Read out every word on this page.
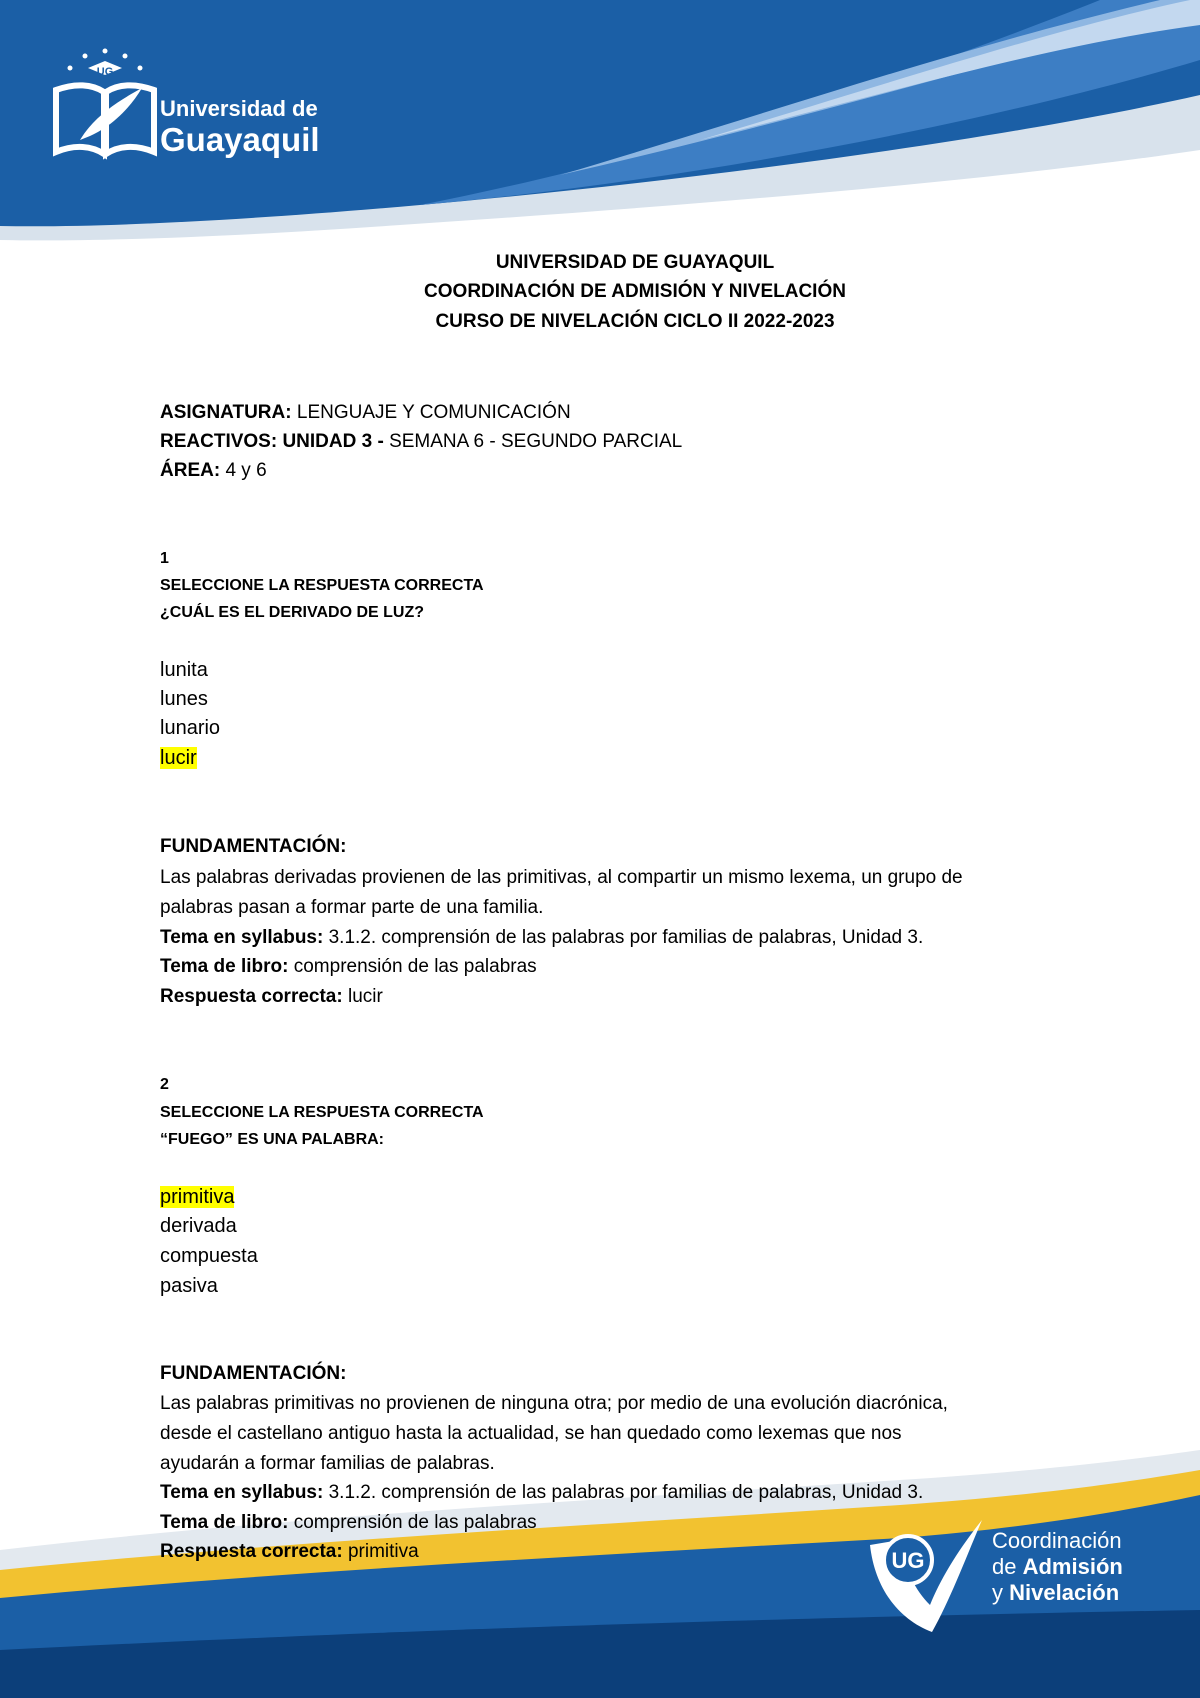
UG
Universidad de
Guayaquil
UG
Coordinación
de Admisión
y Nivelación
UNIVERSIDAD DE GUAYAQUIL
COORDINACIÓN DE ADMISIÓN Y NIVELACIÓN
CURSO DE NIVELACIÓN CICLO II 2022-2023
ASIGNATURA: LENGUAJE Y COMUNICACIÓN
REACTIVOS: UNIDAD 3 - SEMANA 6 - SEGUNDO PARCIAL
ÁREA: 4 y 6
1
SELECCIONE LA RESPUESTA CORRECTA
¿CUÁL ES EL DERIVADO DE LUZ?
lunita
lunes
lunario
lucir
FUNDAMENTACIÓN:
Las palabras derivadas provienen de las primitivas, al compartir un mismo lexema, un grupo de
palabras pasan a formar parte de una familia.
Tema en syllabus: 3.1.2. comprensión de las palabras por familias de palabras, Unidad 3.
Tema de libro: comprensión de las palabras
Respuesta correcta: lucir
2
SELECCIONE LA RESPUESTA CORRECTA
“FUEGO” ES UNA PALABRA:
primitiva
derivada
compuesta
pasiva
FUNDAMENTACIÓN:
Las palabras primitivas no provienen de ninguna otra; por medio de una evolución diacrónica,
desde el castellano antiguo hasta la actualidad, se han quedado como lexemas que nos
ayudarán a formar familias de palabras.
Tema en syllabus: 3.1.2. comprensión de las palabras por familias de palabras, Unidad 3.
Tema de libro: comprensión de las palabras
Respuesta correcta: primitiva
